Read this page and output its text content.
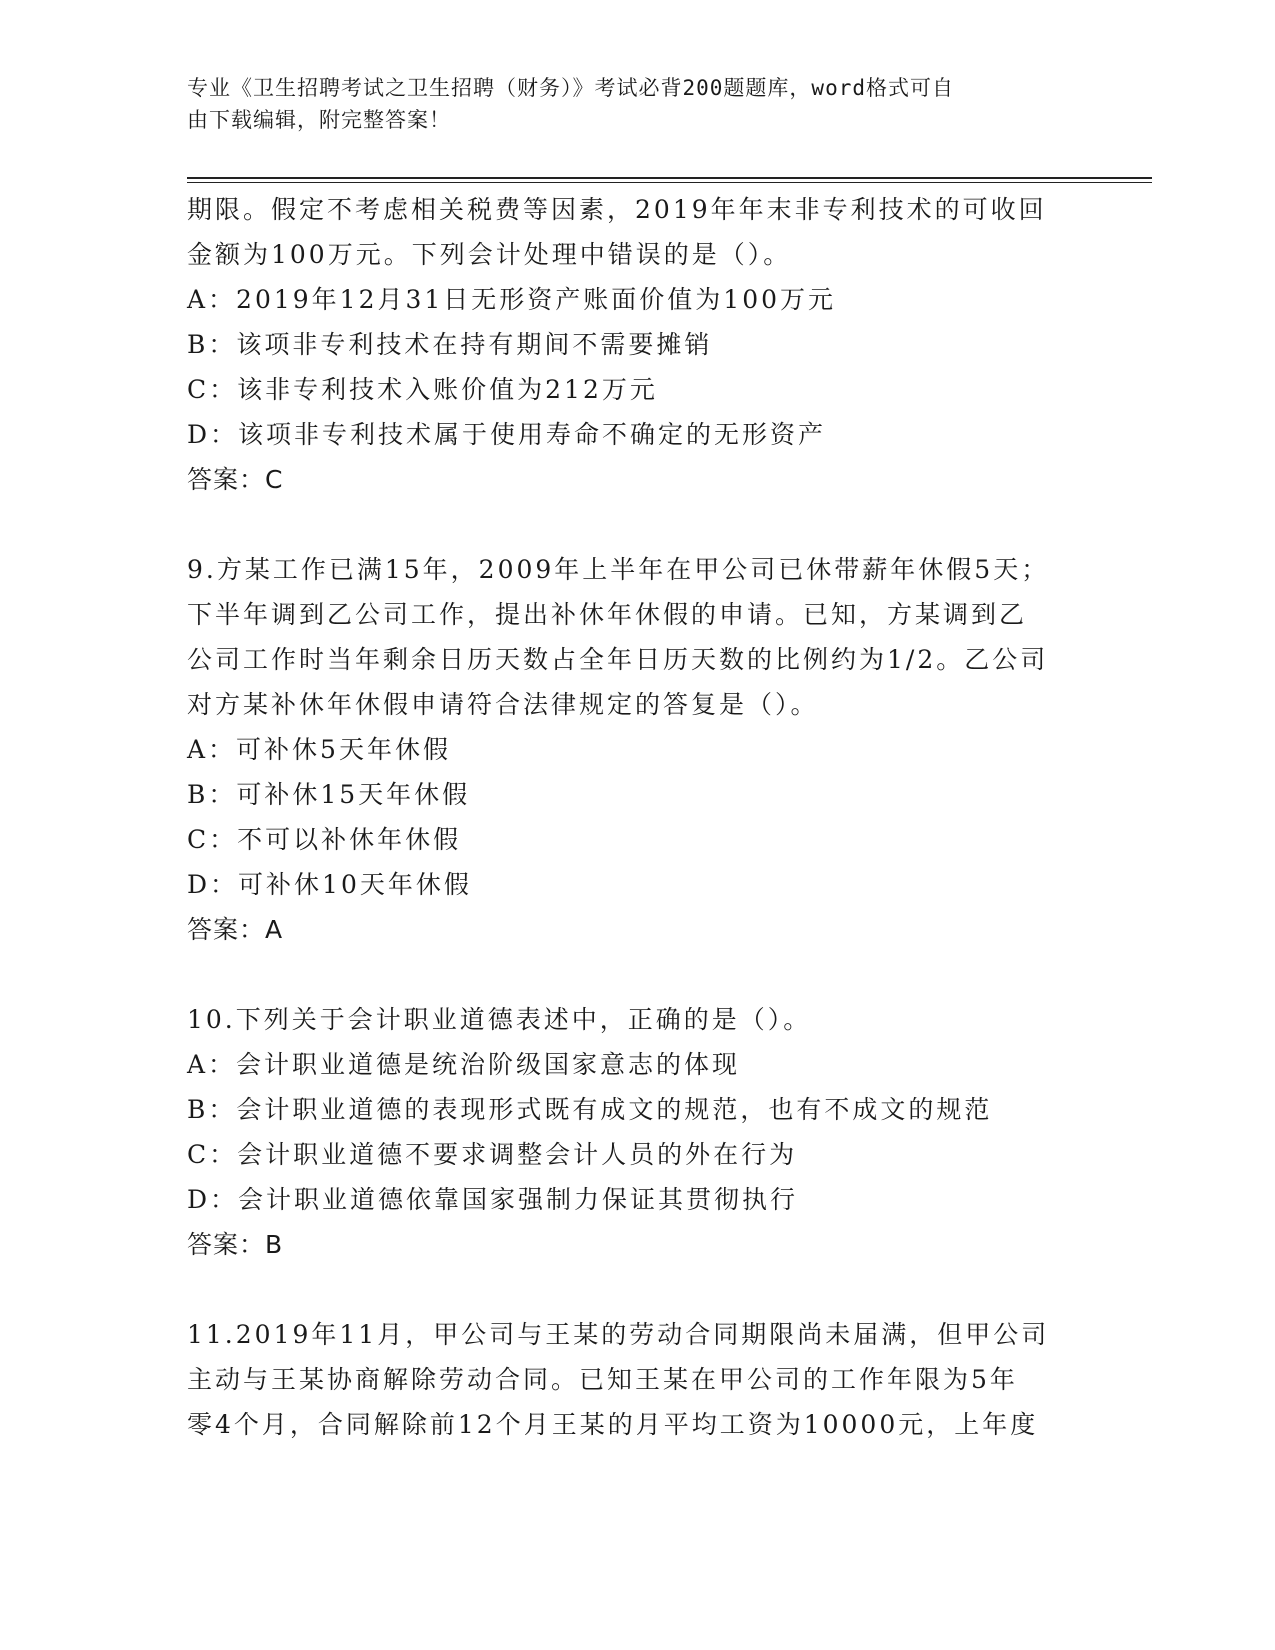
专业《卫生招聘考试之卫生招聘（财务）》考试必背200题题库，word格式可自
由下载编辑，附完整答案！
期限。假定不考虑相关税费等因素，2019年年末非专利技术的可收回
金额为100万元。下列会计处理中错误的是（）。
A：2019年12月31日无形资产账面价值为100万元
B：该项非专利技术在持有期间不需要摊销
C：该非专利技术入账价值为212万元
D：该项非专利技术属于使用寿命不确定的无形资产
答案：C
9.方某工作已满15年，2009年上半年在甲公司已休带薪年休假5天；
下半年调到乙公司工作，提出补休年休假的申请。已知，方某调到乙
公司工作时当年剩余日历天数占全年日历天数的比例约为1/2。乙公司
对方某补休年休假申请符合法律规定的答复是（）。
A：可补休5天年休假
B：可补休15天年休假
C：不可以补休年休假
D：可补休10天年休假
答案：A
10.下列关于会计职业道德表述中，正确的是（）。
A：会计职业道德是统治阶级国家意志的体现
B：会计职业道德的表现形式既有成文的规范，也有不成文的规范
C：会计职业道德不要求调整会计人员的外在行为
D：会计职业道德依靠国家强制力保证其贯彻执行
答案：B
11.2019年11月，甲公司与王某的劳动合同期限尚未届满，但甲公司
主动与王某协商解除劳动合同。已知王某在甲公司的工作年限为5年
零4个月，合同解除前12个月王某的月平均工资为10000元，上年度
